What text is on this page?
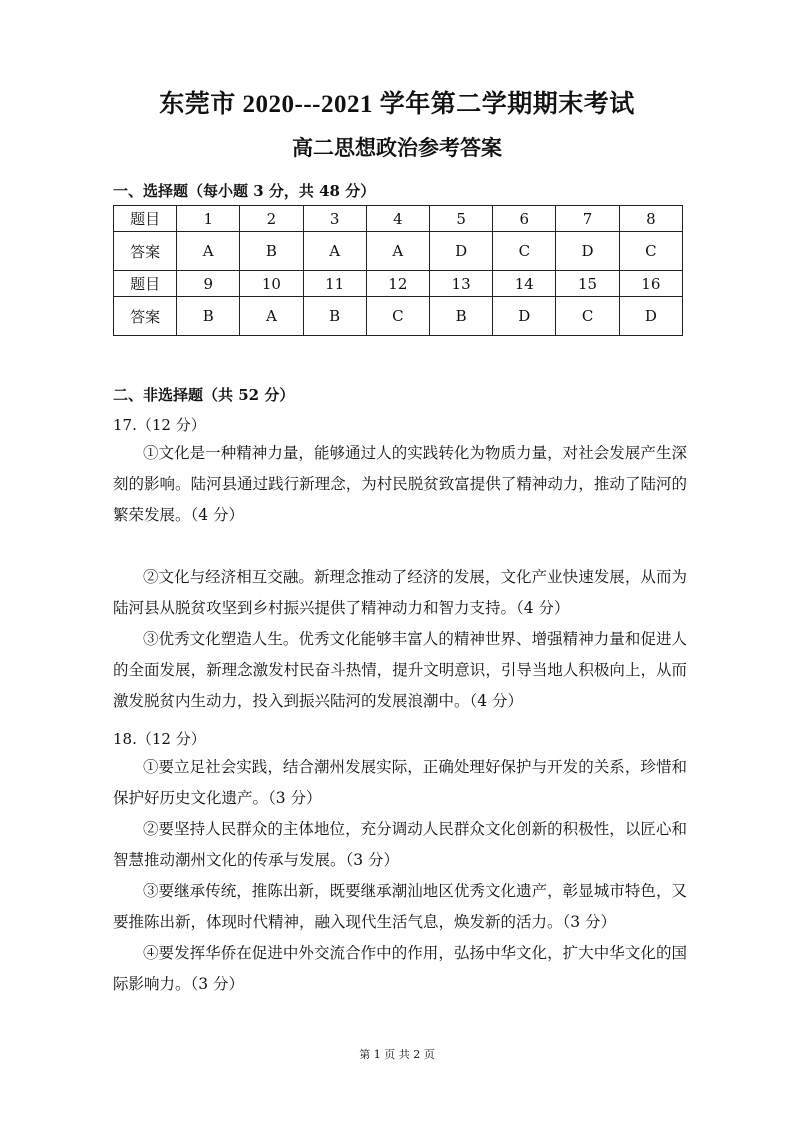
东莞市 2020---2021 学年第二学期期末考试
高二思想政治参考答案
一、选择题（每小题 3 分，共 48 分）
题目	1	2	3	4	5	6	7	8
答案	A	B	A	A	D	C	D	C
题目	9	10	11	12	13	14	15	16
答案	B	A	B	C	B	D	C	D
二、非选择题（共 52 分）
17.（12 分）
①文化是一种精神力量，能够通过人的实践转化为物质力量，对社会发展产生深刻的影响。陆河县通过践行新理念，为村民脱贫致富提供了精神动力，推动了陆河的繁荣发展。（4 分）
②文化与经济相互交融。新理念推动了经济的发展，文化产业快速发展，从而为陆河县从脱贫攻坚到乡村振兴提供了精神动力和智力支持。（4 分）
③优秀文化塑造人生。优秀文化能够丰富人的精神世界、增强精神力量和促进人的全面发展，新理念激发村民奋斗热情，提升文明意识，引导当地人积极向上，从而激发脱贫内生动力，投入到振兴陆河的发展浪潮中。（4 分）
18.（12 分）
①要立足社会实践，结合潮州发展实际，正确处理好保护与开发的关系，珍惜和保护好历史文化遗产。（3 分）
②要坚持人民群众的主体地位，充分调动人民群众文化创新的积极性，以匠心和智慧推动潮州文化的传承与发展。（3 分）
③要继承传统，推陈出新，既要继承潮汕地区优秀文化遗产，彰显城市特色，又要推陈出新，体现时代精神，融入现代生活气息，焕发新的活力。（3 分）
④要发挥华侨在促进中外交流合作中的作用，弘扬中华文化，扩大中华文化的国际影响力。（3 分）
第 1 页 共 2 页
